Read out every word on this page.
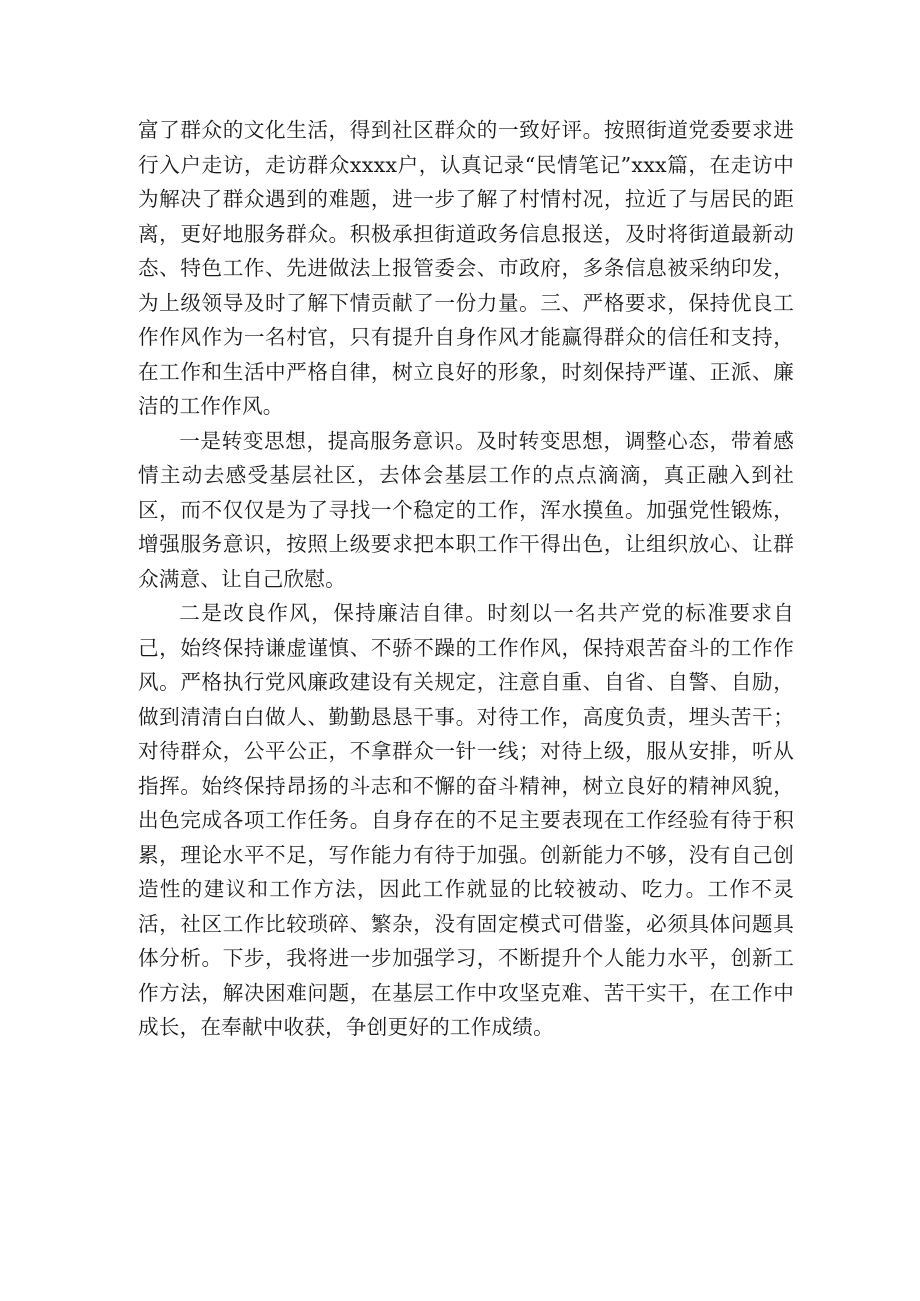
富了群众的文化生活，得到社区群众的一致好评。按照街道党委要求进行入户走访，走访群众xxxx户，认真记录“民情笔记”xxx篇，在走访中为解决了群众遇到的难题，进一步了解了村情村况，拉近了与居民的距离，更好地服务群众。积极承担街道政务信息报送，及时将街道最新动态、特色工作、先进做法上报管委会、市政府，多条信息被采纳印发，为上级领导及时了解下情贡献了一份力量。三、严格要求，保持优良工作作风作为一名村官，只有提升自身作风才能赢得群众的信任和支持，在工作和生活中严格自律，树立良好的形象，时刻保持严谨、正派、廉洁的工作作风。

一是转变思想，提高服务意识。及时转变思想，调整心态，带着感情主动去感受基层社区，去体会基层工作的点点滴滴，真正融入到社区，而不仅仅是为了寻找一个稳定的工作，浑水摸鱼。加强党性锻炼，增强服务意识，按照上级要求把本职工作干得出色，让组织放心、让群众满意、让自己欣慰。

二是改良作风，保持廉洁自律。时刻以一名共产党的标准要求自己，始终保持谦虚谨慎、不骄不躁的工作作风，保持艰苦奋斗的工作作风。严格执行党风廉政建设有关规定，注意自重、自省、自警、自励，做到清清白白做人、勤勤恳恳干事。对待工作，高度负责，埋头苦干；对待群众，公平公正，不拿群众一针一线；对待上级，服从安排，听从指挥。始终保持昂扬的斗志和不懈的奋斗精神，树立良好的精神风貌，出色完成各项工作任务。自身存在的不足主要表现在工作经验有待于积累，理论水平不足，写作能力有待于加强。创新能力不够，没有自己创造性的建议和工作方法，因此工作就显的比较被动、吃力。工作不灵活，社区工作比较琐碎、繁杂，没有固定模式可借鉴，必须具体问题具体分析。下步，我将进一步加强学习，不断提升个人能力水平，创新工作方法，解决困难问题，在基层工作中攻坚克难、苦干实干，在工作中成长，在奉献中收获，争创更好的工作成绩。
